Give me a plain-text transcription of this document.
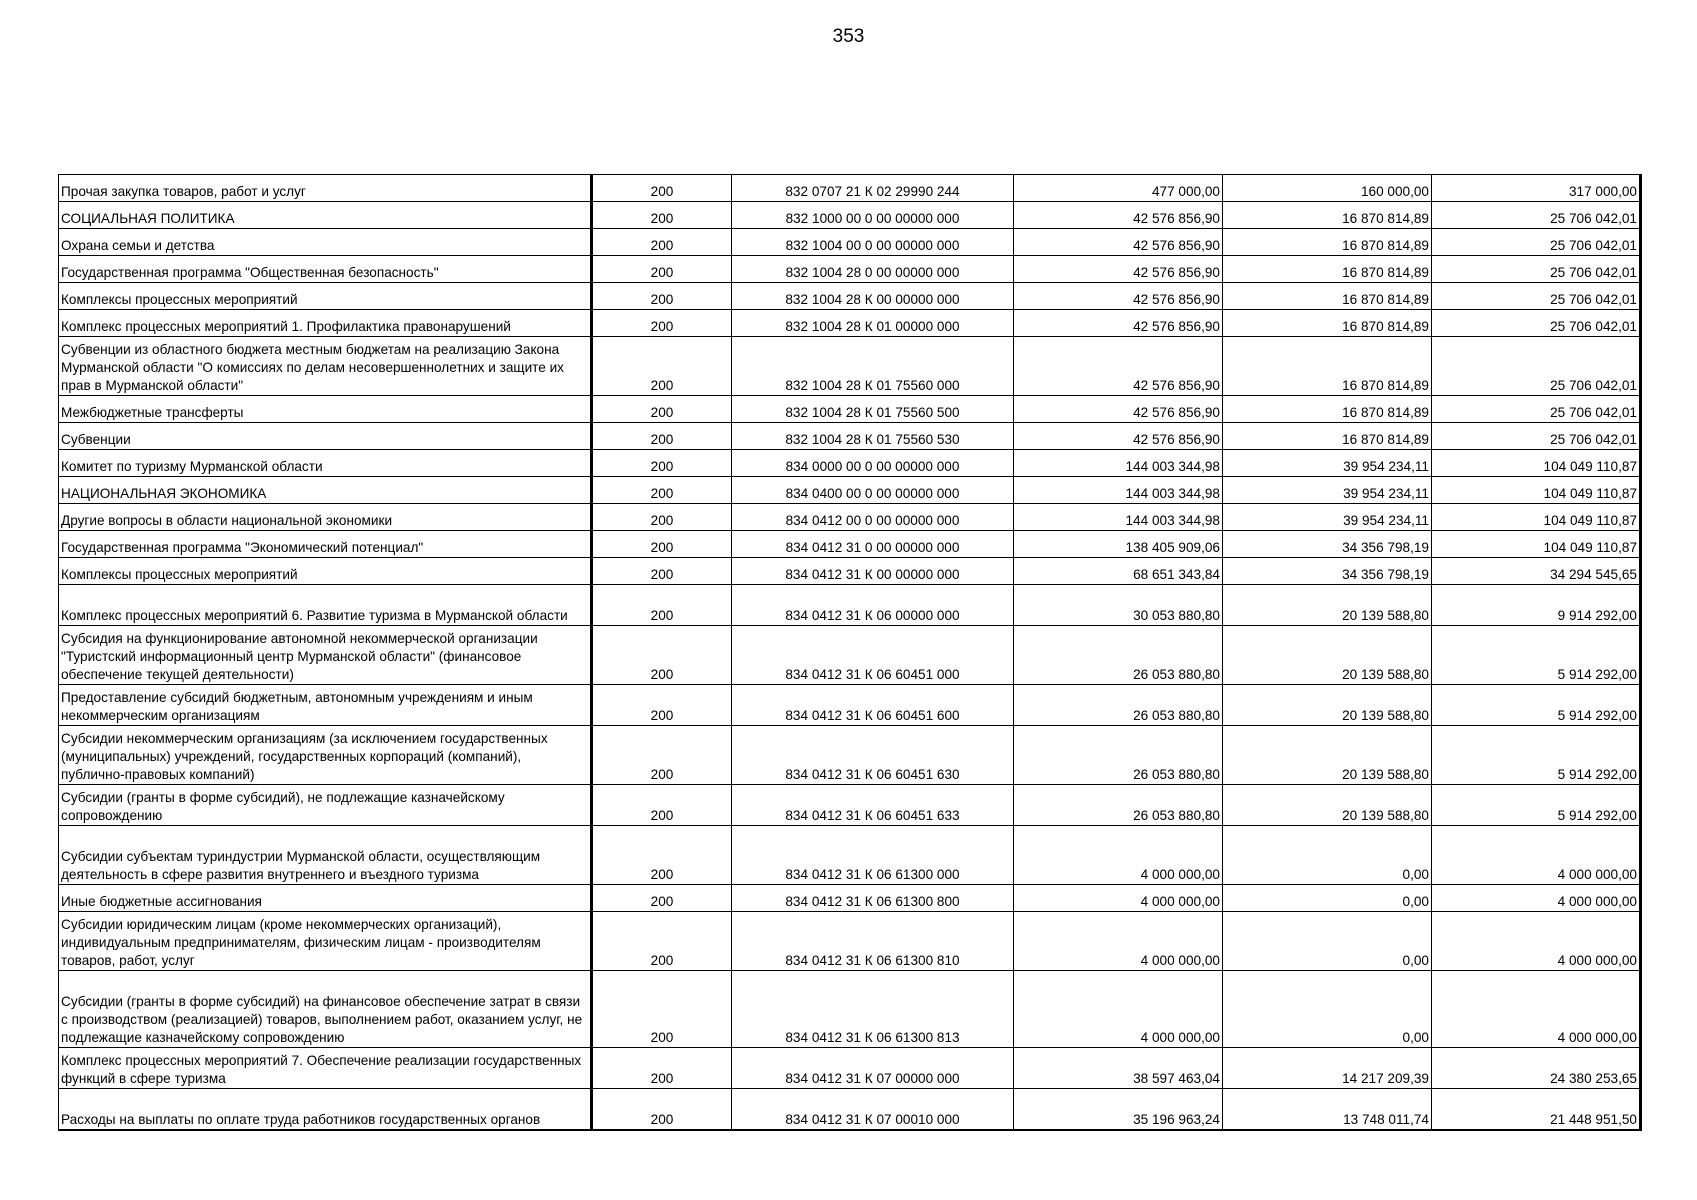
353
Прочая закупка товаров, работ и услуг	200	832 0707 21 К 02 29990 244	477 000,00	160 000,00	317 000,00
СОЦИАЛЬНАЯ ПОЛИТИКА	200	832 1000 00 0 00 00000 000	42 576 856,90	16 870 814,89	25 706 042,01
Охрана семьи и детства	200	832 1004 00 0 00 00000 000	42 576 856,90	16 870 814,89	25 706 042,01
Государственная программа "Общественная безопасность"	200	832 1004 28 0 00 00000 000	42 576 856,90	16 870 814,89	25 706 042,01
Комплексы процессных мероприятий	200	832 1004 28 К 00 00000 000	42 576 856,90	16 870 814,89	25 706 042,01
Комплекс процессных мероприятий 1. Профилактика правонарушений	200	832 1004 28 К 01 00000 000	42 576 856,90	16 870 814,89	25 706 042,01
Субвенции из областного бюджета местным бюджетам на реализацию Закона Мурманской области "О комиссиях по делам несовершеннолетних и защите их прав в Мурманской области"	200	832 1004 28 К 01 75560 000	42 576 856,90	16 870 814,89	25 706 042,01
Межбюджетные трансферты	200	832 1004 28 К 01 75560 500	42 576 856,90	16 870 814,89	25 706 042,01
Субвенции	200	832 1004 28 К 01 75560 530	42 576 856,90	16 870 814,89	25 706 042,01
Комитет по туризму Мурманской области	200	834 0000 00 0 00 00000 000	144 003 344,98	39 954 234,11	104 049 110,87
НАЦИОНАЛЬНАЯ ЭКОНОМИКА	200	834 0400 00 0 00 00000 000	144 003 344,98	39 954 234,11	104 049 110,87
Другие вопросы в области национальной экономики	200	834 0412 00 0 00 00000 000	144 003 344,98	39 954 234,11	104 049 110,87
Государственная программа "Экономический потенциал"	200	834 0412 31 0 00 00000 000	138 405 909,06	34 356 798,19	104 049 110,87
Комплексы процессных мероприятий	200	834 0412 31 К 00 00000 000	68 651 343,84	34 356 798,19	34 294 545,65
Комплекс процессных мероприятий 6. Развитие туризма в Мурманской области	200	834 0412 31 К 06 00000 000	30 053 880,80	20 139 588,80	9 914 292,00
Субсидия на функционирование автономной некоммерческой организации "Туристский информационный центр Мурманской области" (финансовое обеспечение текущей деятельности)	200	834 0412 31 К 06 60451 000	26 053 880,80	20 139 588,80	5 914 292,00
Предоставление субсидий бюджетным, автономным учреждениям и иным некоммерческим организациям	200	834 0412 31 К 06 60451 600	26 053 880,80	20 139 588,80	5 914 292,00
Субсидии некоммерческим организациям (за исключением государственных (муниципальных) учреждений, государственных корпораций (компаний), публично-правовых компаний)	200	834 0412 31 К 06 60451 630	26 053 880,80	20 139 588,80	5 914 292,00
Субсидии (гранты в форме субсидий), не подлежащие казначейскому сопровождению	200	834 0412 31 К 06 60451 633	26 053 880,80	20 139 588,80	5 914 292,00
Субсидии субъектам туриндустрии Мурманской области, осуществляющим деятельность в сфере развития внутреннего и въездного туризма	200	834 0412 31 К 06 61300 000	4 000 000,00	0,00	4 000 000,00
Иные бюджетные ассигнования	200	834 0412 31 К 06 61300 800	4 000 000,00	0,00	4 000 000,00
Субсидии юридическим лицам (кроме некоммерческих организаций), индивидуальным предпринимателям, физическим лицам - производителям товаров, работ, услуг	200	834 0412 31 К 06 61300 810	4 000 000,00	0,00	4 000 000,00
Субсидии (гранты в форме субсидий) на финансовое обеспечение затрат в связи с производством (реализацией) товаров, выполнением работ, оказанием услуг, не подлежащие казначейскому сопровождению	200	834 0412 31 К 06 61300 813	4 000 000,00	0,00	4 000 000,00
Комплекс процессных мероприятий 7. Обеспечение реализации государственных функций в сфере туризма	200	834 0412 31 К 07 00000 000	38 597 463,04	14 217 209,39	24 380 253,65
Расходы на выплаты по оплате труда работников государственных органов	200	834 0412 31 К 07 00010 000	35 196 963,24	13 748 011,74	21 448 951,50
